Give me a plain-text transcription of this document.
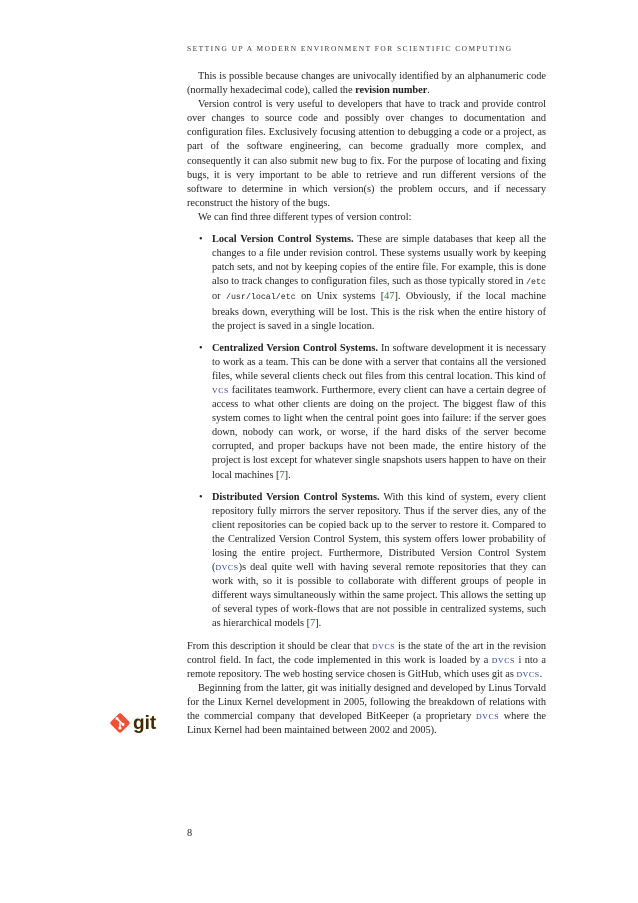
SETTING UP A MODERN ENVIRONMENT FOR SCIENTIFIC COMPUTING

This is possible because changes are univocally identified by an alphanumeric code (normally hexadecimal code), called the revision number.

Version control is very useful to developers that have to track and provide control over changes to source code and possibly over changes to documentation and configuration files. Exclusively focusing attention to debugging a code or a project, as part of the software engineering, can become gradually more complex, and consequently it can also submit new bug to fix. For the purpose of locating and fixing bugs, it is very important to be able to retrieve and run different versions of the software to determine in which version(s) the problem occurs, and if necessary reconstruct the history of the bugs.

We can find three different types of version control:

• Local Version Control Systems. These are simple databases that keep all the changes to a file under revision control. These systems usually work by keeping patch sets, and not by keeping copies of the entire file. For example, this is done also to track changes to configuration files, such as those typically stored in /etc or /usr/local/etc on Unix systems [47]. Obviously, if the local machine breaks down, everything will be lost. This is the risk when the entire history of the project is saved in a single location.
• Centralized Version Control Systems. In software development it is necessary to work as a team. This can be done with a server that contains all the versioned files, while several clients check out files from this central location. This kind of VCS facilitates teamwork. Furthermore, every client can have a certain degree of access to what other clients are doing on the project. The biggest flaw of this system comes to light when the central point goes into failure: if the server goes down, nobody can work, or worse, if the hard disks of the server become corrupted, and proper backups have not been made, the entire history of the project is lost except for whatever single snapshots users happen to have on their local machines [7].
• Distributed Version Control Systems. With this kind of system, every client repository fully mirrors the server repository. Thus if the server dies, any of the client repositories can be copied back up to the server to restore it. Compared to the Centralized Version Control System, this system offers lower probability of losing the entire project. Furthermore, Distributed Version Control System (DVCS)s deal quite well with having several remote repositories that they can work with, so it is possible to collaborate with different groups of people in different ways simultaneously within the same project. This allows the setting up of several types of work-flows that are not possible in centralized systems, such as hierarchical models [7].

From this description it should be clear that DVCS is the state of the art in the revision control field. In fact, the code implemented in this work is loaded by a DVCS i nto a remote repository. The web hosting service chosen is GitHub, which uses git as DVCS.

Beginning from the latter, git was initially designed and developed by Linus Torvald for the Linux Kernel development in 2005, following the breakdown of relations with the commercial company that developed BitKeeper (a proprietary DVCS where the Linux Kernel had been maintained between 2002 and 2005).

git
8
